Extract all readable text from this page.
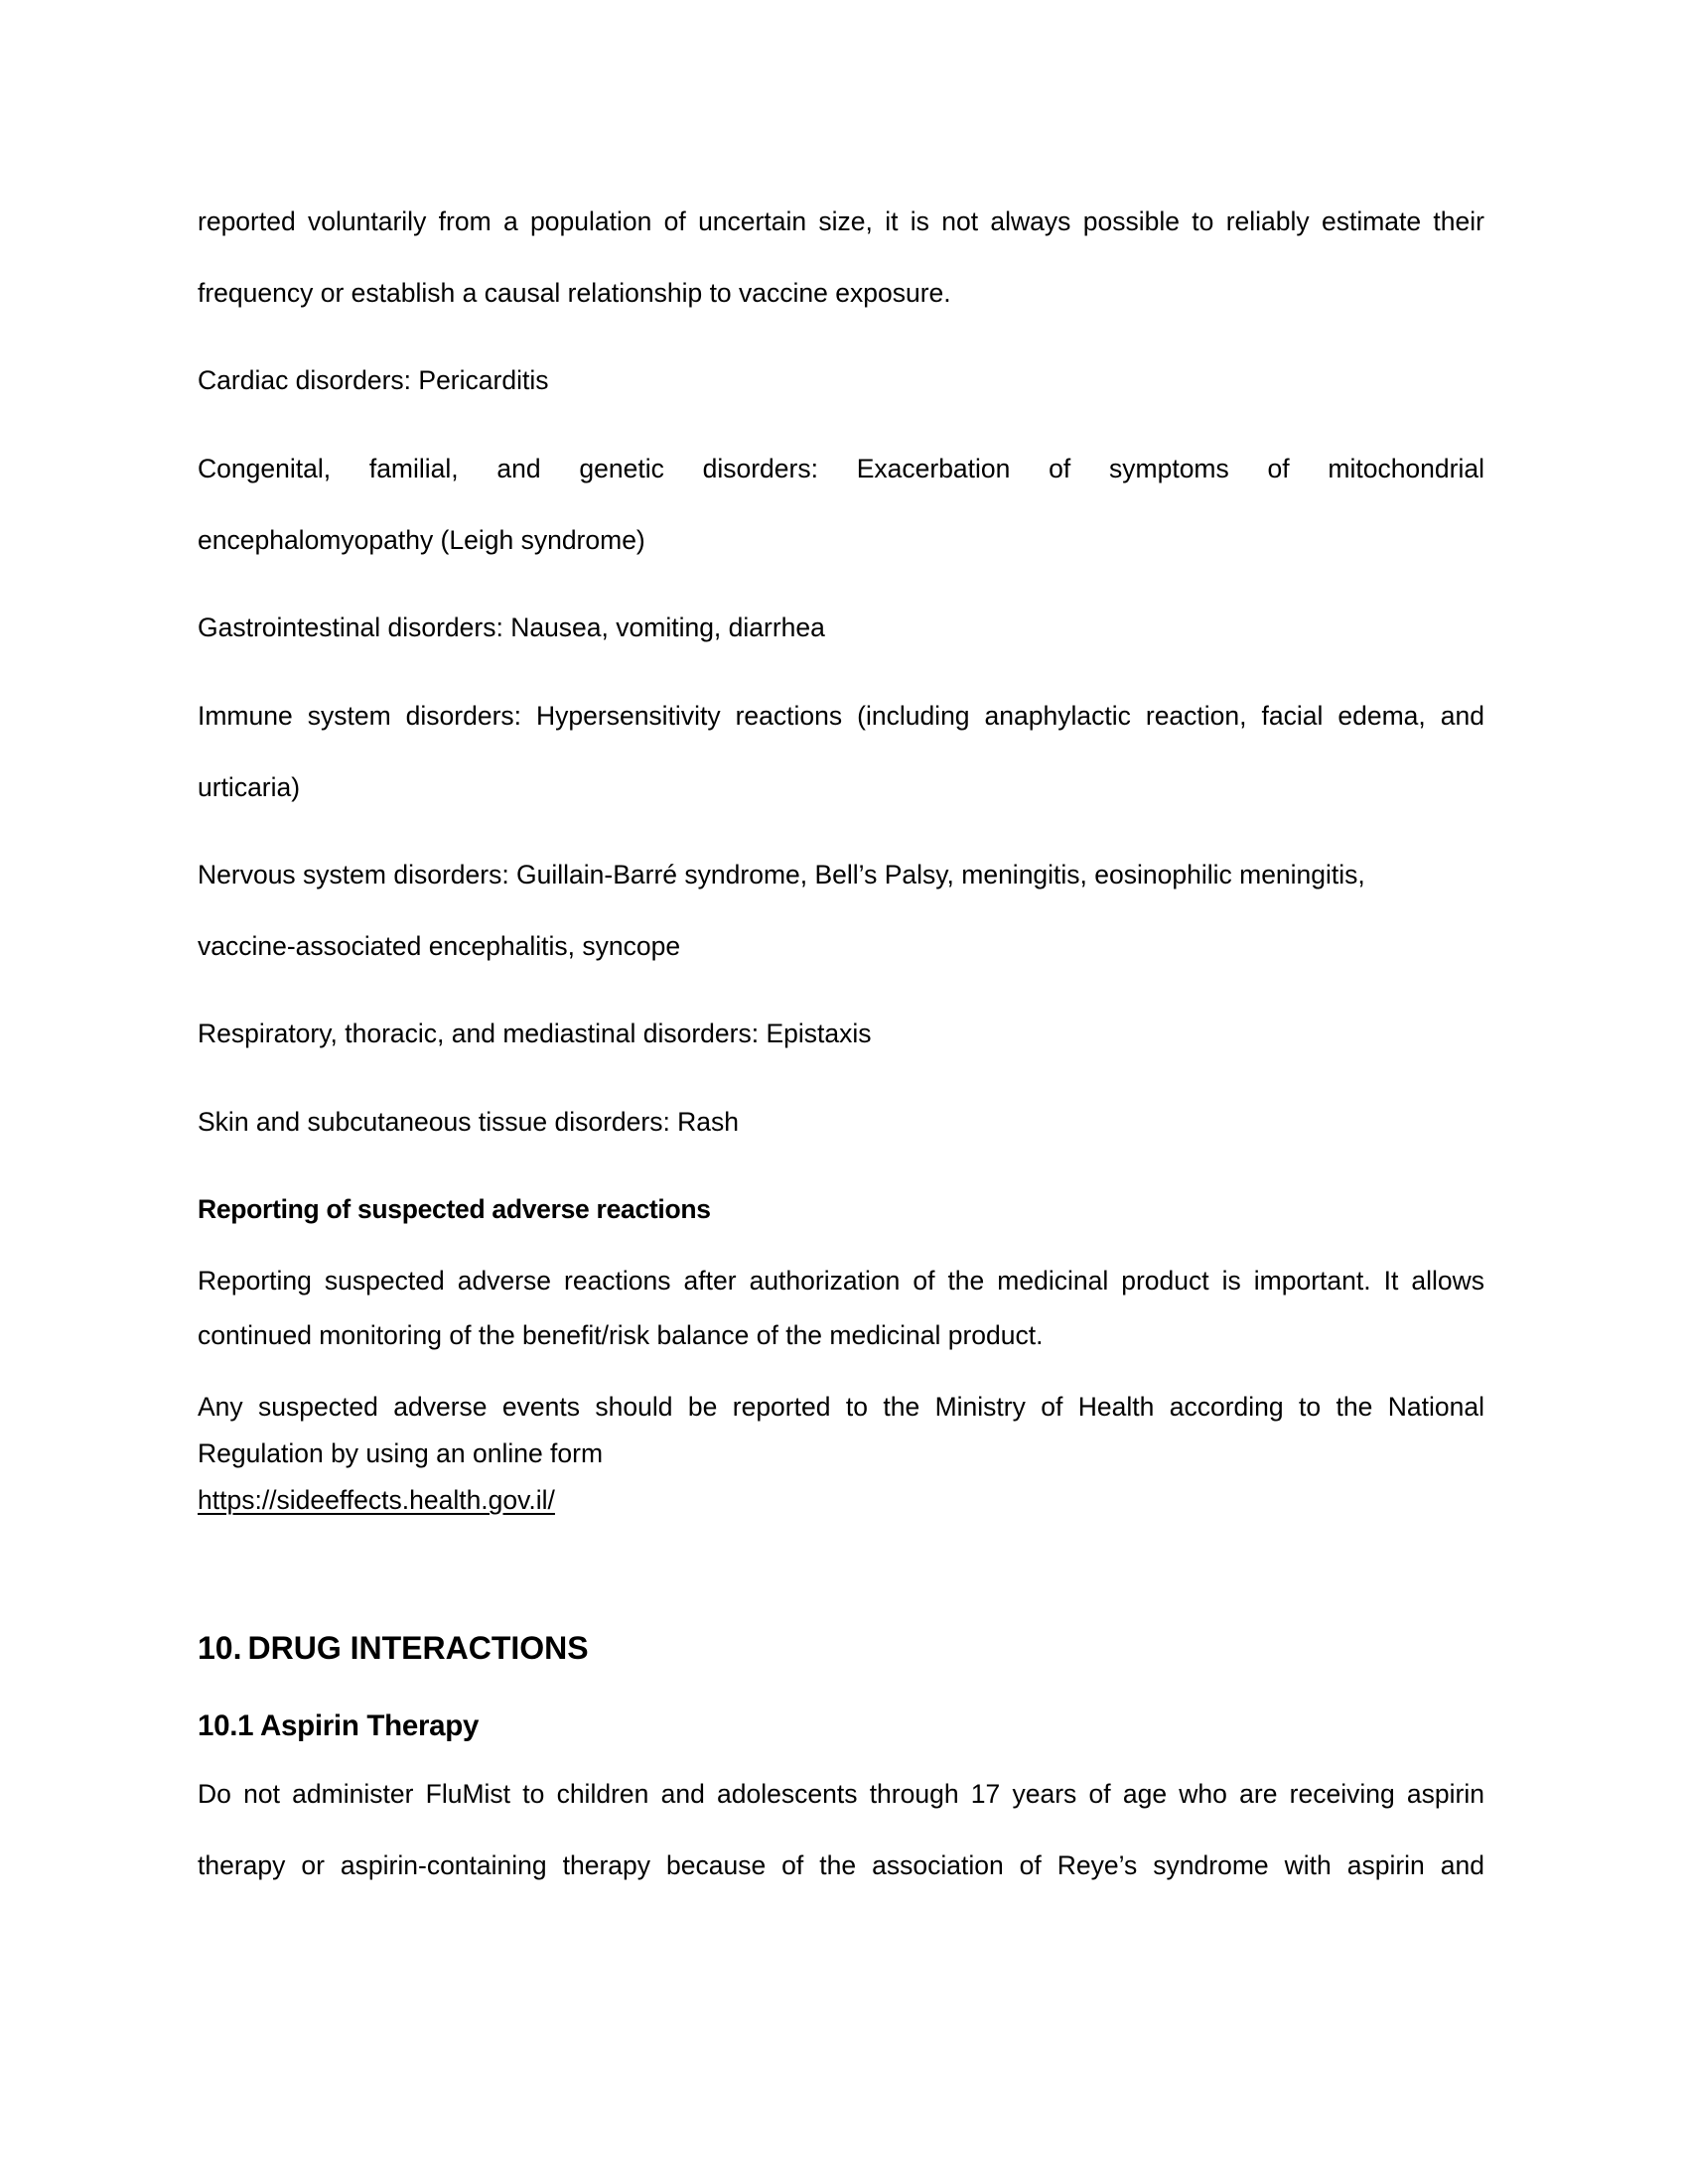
reported voluntarily from a population of uncertain size, it is not always possible to reliably estimate their

frequency or establish a causal relationship to vaccine exposure.

Cardiac disorders: Pericarditis

Congenital, familial, and genetic disorders: Exacerbation of symptoms of mitochondrial

encephalomyopathy (Leigh syndrome)

Gastrointestinal disorders: Nausea, vomiting, diarrhea

Immune system disorders: Hypersensitivity reactions (including anaphylactic reaction, facial edema, and

urticaria)

Nervous system disorders: Guillain-Barré syndrome, Bell’s Palsy, meningitis, eosinophilic meningitis,

vaccine-associated encephalitis, syncope

Respiratory, thoracic, and mediastinal disorders: Epistaxis

Skin and subcutaneous tissue disorders: Rash

Reporting of suspected adverse reactions

Reporting suspected adverse reactions after authorization of the medicinal product is important. It allows

continued monitoring of the benefit/risk balance of the medicinal product.

Any suspected adverse events should be reported to the Ministry of Health according to the National

Regulation by using an online form

https://sideeffects.health.gov.il/

10. DRUG INTERACTIONS

10.1 Aspirin Therapy

Do not administer FluMist to children and adolescents through 17 years of age who are receiving aspirin

therapy or aspirin-containing therapy because of the association of Reye’s syndrome with aspirin and
